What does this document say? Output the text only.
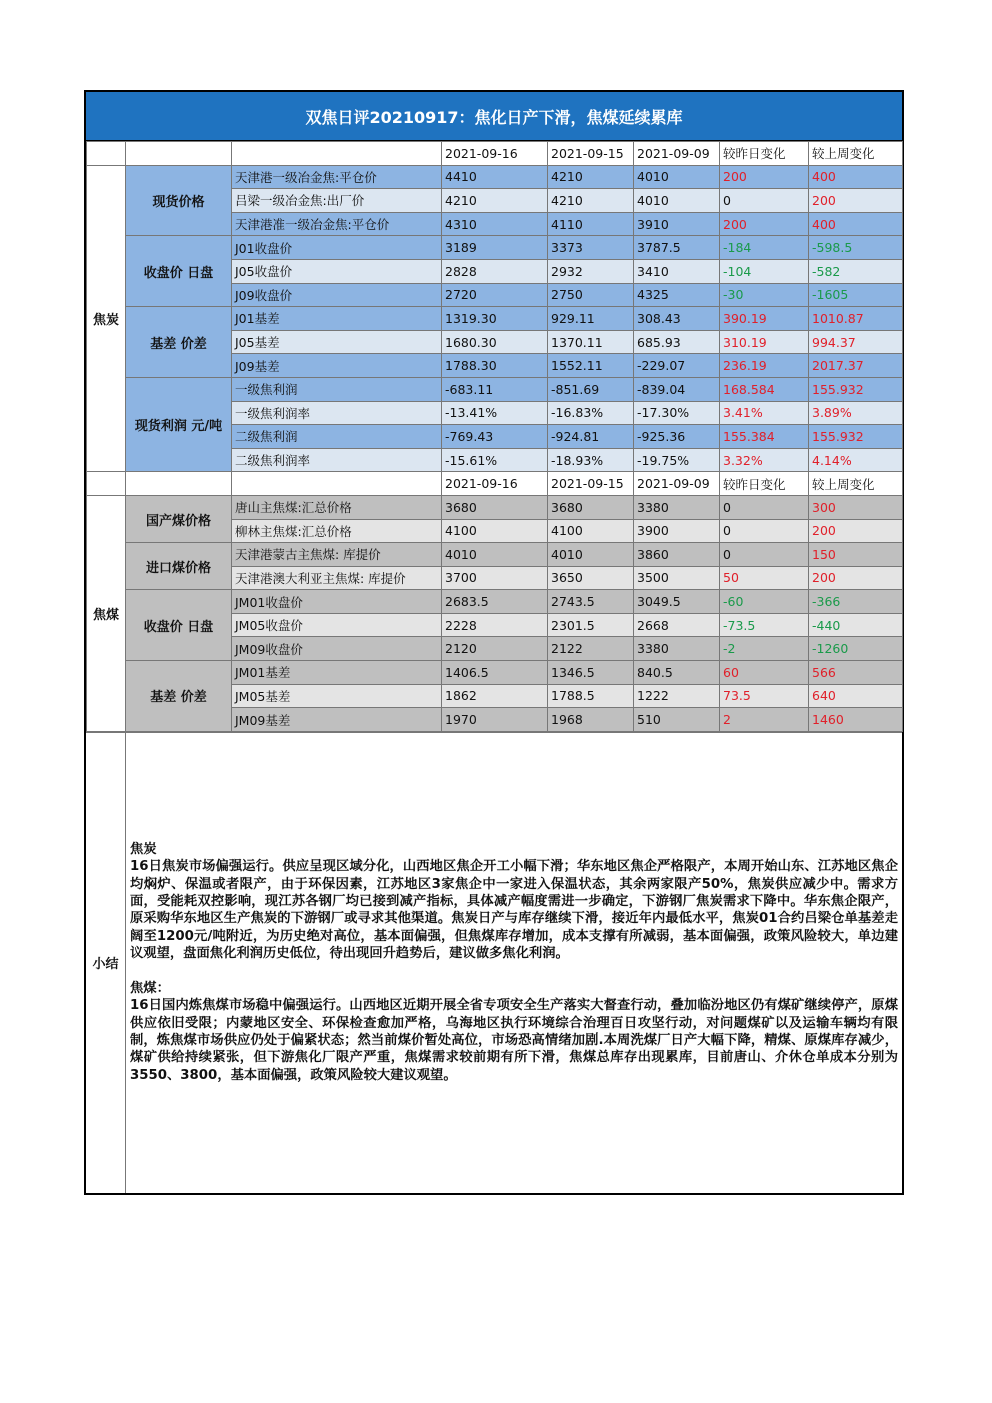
双焦日评20210917：焦化日产下滑，焦煤延续累库
			2021-09-16	2021-09-15	2021-09-09	较昨日变化	较上周变化
焦炭	现货价格	天津港一级冶金焦:平仓价	4410	4210	4010	200	400
		吕梁一级冶金焦:出厂价	4210	4210	4010	0	200
		天津港准一级冶金焦:平仓价	4310	4110	3910	200	400
	收盘价 日盘	J01收盘价	3189	3373	3787.5	-184	-598.5
		J05收盘价	2828	2932	3410	-104	-582
		J09收盘价	2720	2750	4325	-30	-1605
	基差 价差	J01基差	1319.30	929.11	308.43	390.19	1010.87
		J05基差	1680.30	1370.11	685.93	310.19	994.37
		J09基差	1788.30	1552.11	-229.07	236.19	2017.37
	现货利润 元/吨	一级焦利润	-683.11	-851.69	-839.04	168.584	155.932
		一级焦利润率	-13.41%	-16.83%	-17.30%	3.41%	3.89%
		二级焦利润	-769.43	-924.81	-925.36	155.384	155.932
		二级焦利润率	-15.61%	-18.93%	-19.75%	3.32%	4.14%
			2021-09-16	2021-09-15	2021-09-09	较昨日变化	较上周变化
焦煤	国产煤价格	唐山主焦煤:汇总价格	3680	3680	3380	0	300
		柳林主焦煤:汇总价格	4100	4100	3900	0	200
	进口煤价格	天津港蒙古主焦煤: 库提价	4010	4010	3860	0	150
		天津港澳大利亚主焦煤: 库提价	3700	3650	3500	50	200
	收盘价 日盘	JM01收盘价	2683.5	2743.5	3049.5	-60	-366
		JM05收盘价	2228	2301.5	2668	-73.5	-440
		JM09收盘价	2120	2122	3380	-2	-1260
	基差 价差	JM01基差	1406.5	1346.5	840.5	60	566
		JM05基差	1862	1788.5	1222	73.5	640
		JM09基差	1970	1968	510	2	1460
小结
焦炭
16日焦炭市场偏强运行。供应呈现区域分化，山西地区焦企开工小幅下滑；华东地区焦企严格限产，本周开始山东、江苏地区焦企均焖炉、保温或者限产，由于环保因素，江苏地区3家焦企中一家进入保温状态，其余两家限产50%，焦炭供应减少中。需求方面，受能耗双控影响，现江苏各钢厂均已接到减产指标，具体减产幅度需进一步确定，下游钢厂焦炭需求下降中。华东焦企限产，原采购华东地区生产焦炭的下游钢厂或寻求其他渠道。焦炭日产与库存继续下滑，接近年内最低水平，焦炭01合约吕梁仓单基差走阔至1200元/吨附近，为历史绝对高位，基本面偏强，但焦煤库存增加，成本支撑有所减弱，基本面偏强，政策风险较大，单边建议观望，盘面焦化利润历史低位，待出现回升趋势后，建议做多焦化利润。
焦煤：
16日国内炼焦煤市场稳中偏强运行。山西地区近期开展全省专项安全生产落实大督查行动，叠加临汾地区仍有煤矿继续停产，原煤供应依旧受限；内蒙地区安全、环保检查愈加严格，乌海地区执行环境综合治理百日攻坚行动，对问题煤矿以及运输车辆均有限制，炼焦煤市场供应仍处于偏紧状态；然当前煤价暂处高位，市场恐高情绪加剧.本周洗煤厂日产大幅下降，精煤、原煤库存减少，煤矿供给持续紧张，但下游焦化厂限产严重，焦煤需求较前期有所下滑，焦煤总库存出现累库，目前唐山、介休仓单成本分别为3550、3800，基本面偏强，政策风险较大建议观望。
